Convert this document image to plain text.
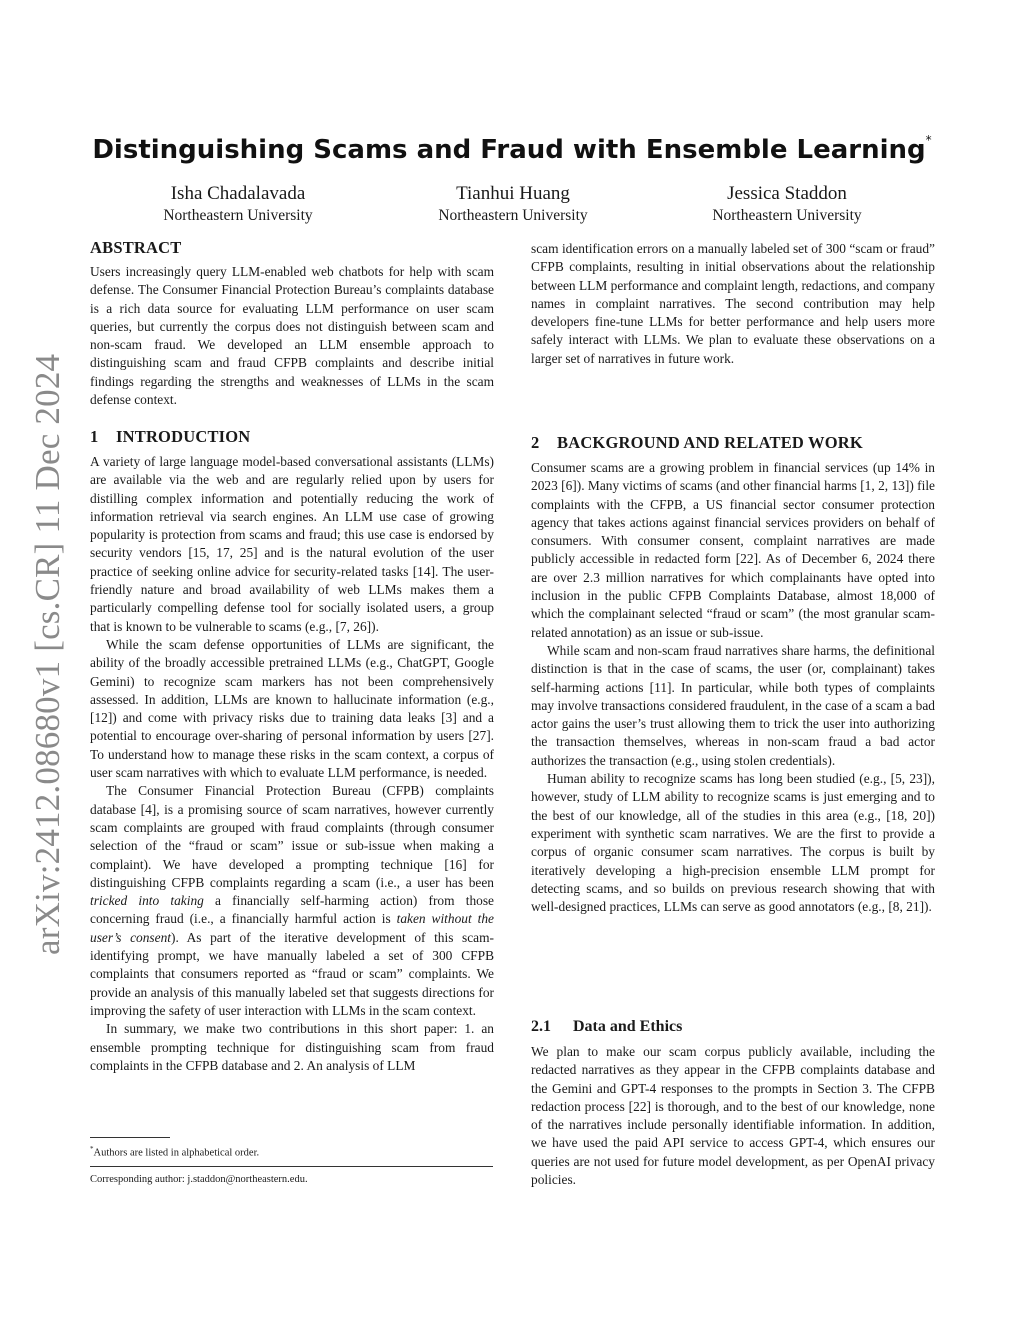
arXiv:2412.08680v1 [cs.CR] 11 Dec 2024
Distinguishing Scams and Fraud with Ensemble Learning*
Isha Chadalavada
Northeastern University
Tianhui Huang
Northeastern University
Jessica Staddon
Northeastern University
ABSTRACT

Users increasingly query LLM-enabled web chatbots for help with scam defense. The Consumer Financial Protection Bureau’s complaints database is a rich data source for evaluating LLM performance on user scam queries, but currently the corpus does not distinguish between scam and non-scam fraud. We developed an LLM ensemble approach to distinguishing scam and fraud CFPB complaints and describe initial findings regarding the strengths and weaknesses of LLMs in the scam defense context.

1 INTRODUCTION

A variety of large language model-based conversational assistants (LLMs) are available via the web and are regularly relied upon by users for distilling complex information and potentially reducing the work of information retrieval via search engines. An LLM use case of growing popularity is protection from scams and fraud; this use case is endorsed by security vendors [15, 17, 25] and is the natural evolution of the user practice of seeking online advice for security-related tasks [14]. The user-friendly nature and broad availability of web LLMs makes them a particularly compelling defense tool for socially isolated users, a group that is known to be vulnerable to scams (e.g., [7, 26]).

While the scam defense opportunities of LLMs are significant, the ability of the broadly accessible pretrained LLMs (e.g., ChatGPT, Google Gemini) to recognize scam markers has not been comprehensively assessed. In addition, LLMs are known to hallucinate information (e.g., [12]) and come with privacy risks due to training data leaks [3] and a potential to encourage over-sharing of personal information by users [27]. To understand how to manage these risks in the scam context, a corpus of user scam narratives with which to evaluate LLM performance, is needed.

The Consumer Financial Protection Bureau (CFPB) complaints database [4], is a promising source of scam narratives, however currently scam complaints are grouped with fraud complaints (through consumer selection of the “fraud or scam” issue or sub-issue when making a complaint). We have developed a prompting technique [16] for distinguishing CFPB complaints regarding a scam (i.e., a user has been tricked into taking a financially self-harming action) from those concerning fraud (i.e., a financially harmful action is taken without the user’s consent). As part of the iterative development of this scam-identifying prompt, we have manually labeled a set of 300 CFPB complaints that consumers reported as “fraud or scam” complaints. We provide an analysis of this manually labeled set that suggests directions for improving the safety of user interaction with LLMs in the scam context.

In summary, we make two contributions in this short paper: 1. an ensemble prompting technique for distinguishing scam from fraud complaints in the CFPB database and 2. An analysis of LLM

*Authors are listed in alphabetical order.
Corresponding author: j.staddon@northeastern.edu.

scam identification errors on a manually labeled set of 300 “scam or fraud” CFPB complaints, resulting in initial observations about the relationship between LLM performance and complaint length, redactions, and company names in complaint narratives. The second contribution may help developers fine-tune LLMs for better performance and help users more safely interact with LLMs. We plan to evaluate these observations on a larger set of narratives in future work.

2 BACKGROUND AND RELATED WORK

Consumer scams are a growing problem in financial services (up 14% in 2023 [6]). Many victims of scams (and other financial harms [1, 2, 13]) file complaints with the CFPB, a US financial sector consumer protection agency that takes actions against financial services providers on behalf of consumers. With consumer consent, complaint narratives are made publicly accessible in redacted form [22]. As of December 6, 2024 there are over 2.3 million narratives for which complainants have opted into inclusion in the public CFPB Complaints Database, almost 18,000 of which the complainant selected “fraud or scam” (the most granular scam-related annotation) as an issue or sub-issue.

While scam and non-scam fraud narratives share harms, the definitional distinction is that in the case of scams, the user (or, complainant) takes self-harming actions [11]. In particular, while both types of complaints may involve transactions considered fraudulent, in the case of a scam a bad actor gains the user’s trust allowing them to trick the user into authorizing the transaction themselves, whereas in non-scam fraud a bad actor authorizes the transaction (e.g., using stolen credentials).

Human ability to recognize scams has long been studied (e.g., [5, 23]), however, study of LLM ability to recognize scams is just emerging and to the best of our knowledge, all of the studies in this area (e.g., [18, 20]) experiment with synthetic scam narratives. We are the first to provide a corpus of organic consumer scam narratives. The corpus is built by iteratively developing a high-precision ensemble LLM prompt for detecting scams, and so builds on previous research showing that with well-designed practices, LLMs can serve as good annotators (e.g., [8, 21]).

2.1 Data and Ethics

We plan to make our scam corpus publicly available, including the redacted narratives as they appear in the CFPB complaints database and the Gemini and GPT-4 responses to the prompts in Section 3. The CFPB redaction process [22] is thorough, and to the best of our knowledge, none of the narratives include personally identifiable information. In addition, we have used the paid API service to access GPT-4, which ensures our queries are not used for future model development, as per OpenAI privacy policies.
